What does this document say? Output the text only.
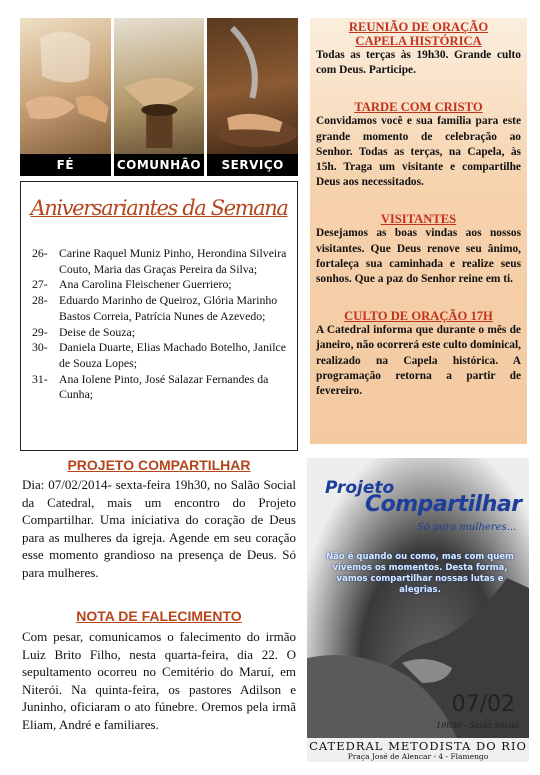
FÉ	COMUNHÃO	SERVIÇO
Aniversariantes da Semana
26- Carine Raquel Muniz Pinho, Herondina Silveira Couto, Maria das Graças Pereira da Silva;
27- Ana Carolina Fleischener Guerriero;
28- Eduardo Marinho de Queiroz, Glória Marinho Bastos Correia, Patrícia Nunes de Azevedo;
29- Deise de Souza;
30- Daniela Duarte, Elias Machado Botelho, Janilce de Souza Lopes;
31- Ana Iolene Pinto, José Salazar Fernandes da Cunha;
REUNIÃO DE ORAÇÃO
CAPELA HISTÓRICA
Todas as terças às 19h30. Grande culto com Deus. Participe.
TARDE COM CRISTO
Convidamos você e sua família para este grande momento de celebração ao Senhor. Todas as terças, na Capela, às 15h. Traga um visitante e compartilhe Deus aos necessitados.
VISITANTES
Desejamos as boas vindas aos nossos visitantes. Que Deus renove seu ânimo, fortaleça sua caminhada e realize seus sonhos. Que a paz do Senhor reine em ti.
CULTO DE ORAÇÃO 17H
A Catedral informa que durante o mês de janeiro, não ocorrerá este culto dominical, realizado na Capela histórica. A programação retorna a partir de fevereiro.
PROJETO COMPARTILHAR
Dia: 07/02/2014- sexta-feira 19h30, no Salão Social da Catedral, mais um encontro do Projeto Compartilhar. Uma iniciativa do coração de Deus para as mulheres da igreja. Agende em seu coração esse momento grandioso na presença de Deus. Só para mulheres.
NOTA DE FALECIMENTO
Com pesar, comunicamos o falecimento do irmão Luiz Brito Filho, nesta quarta-feira, dia 22. O sepultamento ocorreu no Cemitério do Maruí, em Niterói. Na quinta-feira, os pastores Adilson e Juninho, oficiaram o ato fúnebre. Oremos pela irmã Eliam, André e familiares.
Projeto
Compartilhar
Só para mulheres...
Não é quando ou como, mas com quem vivemos os momentos. Desta forma, vamos compartilhar nossas lutas e alegrias.
07/02
19h30 - Salão Social
CATEDRAL METODISTA DO RIO
Praça José de Alencar - 4 - Flamengo
